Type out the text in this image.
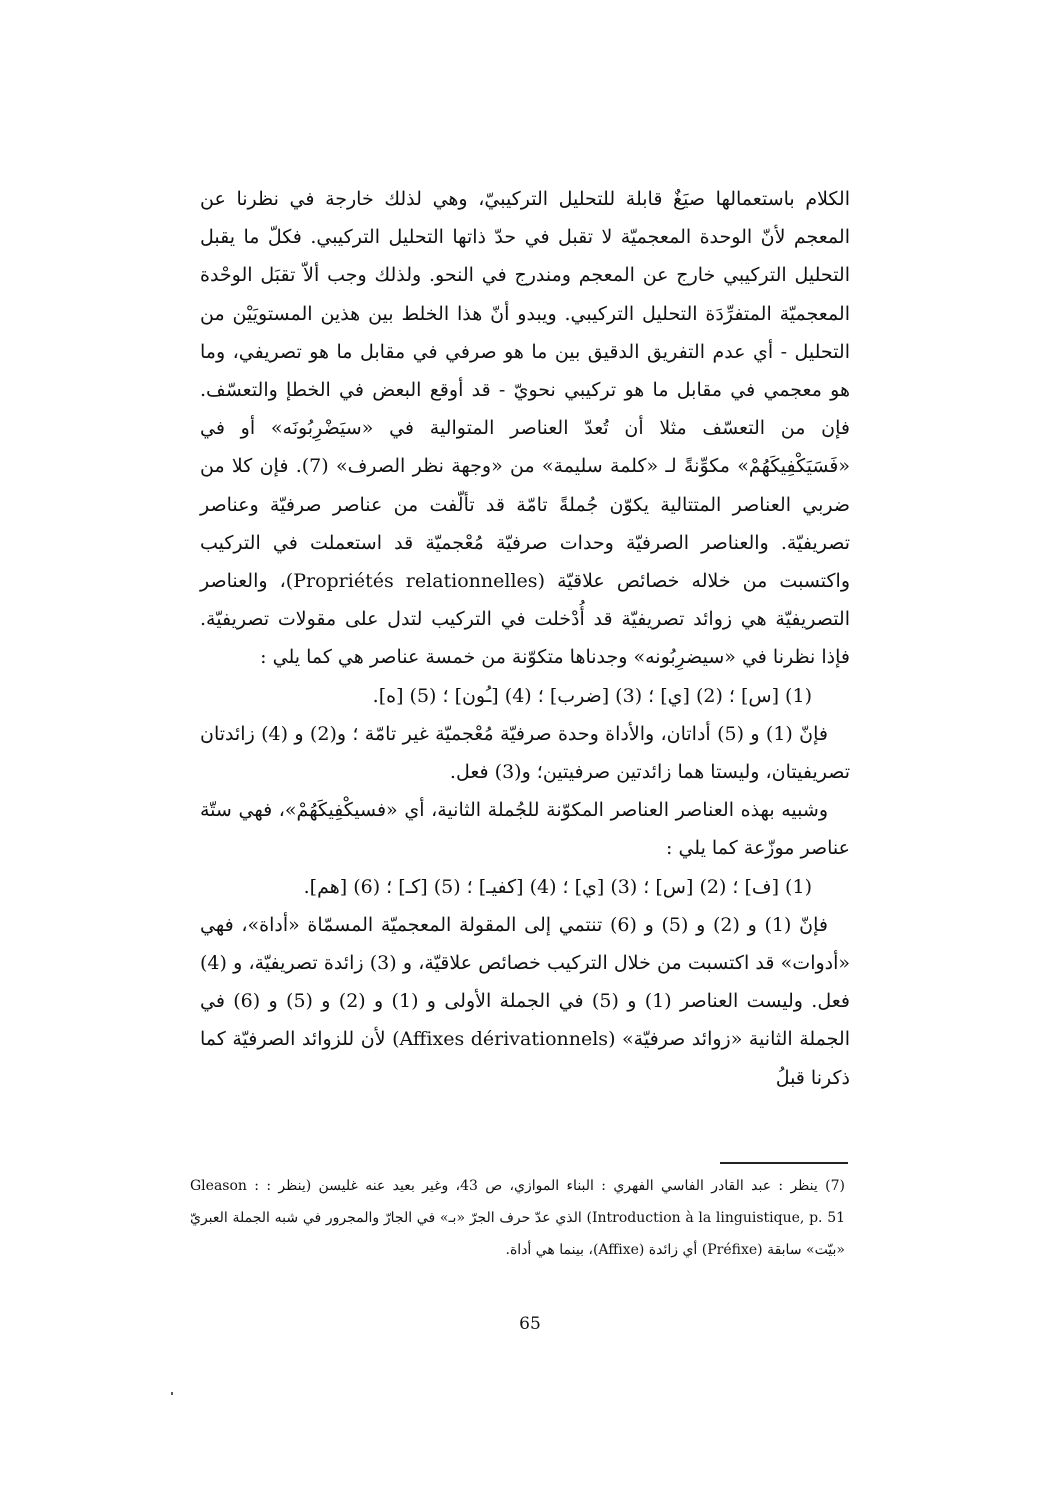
الكلام باستعمالها صيَغٌ قابلة للتحليل التركيبيّ، وهي لذلك خارجة في نظرنا عن المعجم لأنّ الوحدة المعجميّة لا تقبل في حدّ ذاتها التحليل التركيبي. فكلّ ما يقبل التحليل التركيبي خارج عن المعجم ومندرج في النحو. ولذلك وجب ألاّ تقبَل الوحْدة المعجميّة المتفرِّدَة التحليل التركيبي. ويبدو أنّ هذا الخلط بين هذين المستويَيْن من التحليل - أي عدم التفريق الدقيق بين ما هو صرفي في مقابل ما هو تصريفي، وما هو معجمي في مقابل ما هو تركيبي نحويّ - قد أوقع البعض في الخطإ والتعسّف. فإن من التعسّف مثلا أن تُعدّ العناصر المتوالية في «سيَضْرِبُونَه» أو في «فَسَيَكْفِيكَهُمْ» مكوِّنةً لـ «كلمة سليمة» من «وجهة نظر الصرف» (7). فإن كلا من ضربي العناصر المتتالية يكوّن جُملةً تامّة قد تألّفت من عناصر صرفيّة وعناصر تصريفيّة. والعناصر الصرفيّة وحدات صرفيّة مُعْجميّة قد استعملت في التركيب واكتسبت من خلاله خصائص علاقيّة (Propriétés relationnelles)، والعناصر التصريفيّة هي زوائد تصريفيّة قد أُدْخلت في التركيب لتدل على مقولات تصريفيّة. فإذا نظرنا في «سيضرِبُونه» وجدناها متكوّنة من خمسة عناصر هي كما يلي :

(1) [س] ؛ (2) [ي] ؛ (3) [ضرب] ؛ (4) [ـُون] ؛ (5) [ه].

فإنّ (1) و (5) أداتان، والأداة وحدة صرفيّة مُعْجميّة غير تامّة ؛ و(2) و (4) زائدتان تصريفيتان، وليستا هما زائدتين صرفيتين؛ و(3) فعل.

وشبيه بهذه العناصر العناصر المكوّنة للجُملة الثانية، أي «فسيكْفِيكَهُمْ»، فهي ستّة عناصر موزّعة كما يلي :

(1) [ف] ؛ (2) [س] ؛ (3) [ي] ؛ (4) [كفيـ] ؛ (5) [كـ] ؛ (6) [هم].

فإنّ (1) و (2) و (5) و (6) تنتمي إلى المقولة المعجميّة المسمّاة «أداة»، فهي «أدوات» قد اكتسبت من خلال التركيب خصائص علاقيّة، و (3) زائدة تصريفيّة، و (4) فعل. وليست العناصر (1) و (5) في الجملة الأولى و (1) و (2) و (5) و (6) في الجملة الثانية «زوائد صرفيّة» (Affixes dérivationnels) لأن للزوائد الصرفيّة كما ذكرنا قبلُ

(7) ينظر : عبد القادر الفاسي الفهري : البناء الموازي، ص 43، وغير بعيد عنه غليسن (ينظر : Gleason : Introduction à la linguistique, p. 51) الذي عدّ حرف الجرّ «بـ» في الجارّ والمجرور في شبه الجملة العبريّ «بيّت» سابقة (Préfixe) أي زائدة (Affixe)، بينما هي أداة.

65
